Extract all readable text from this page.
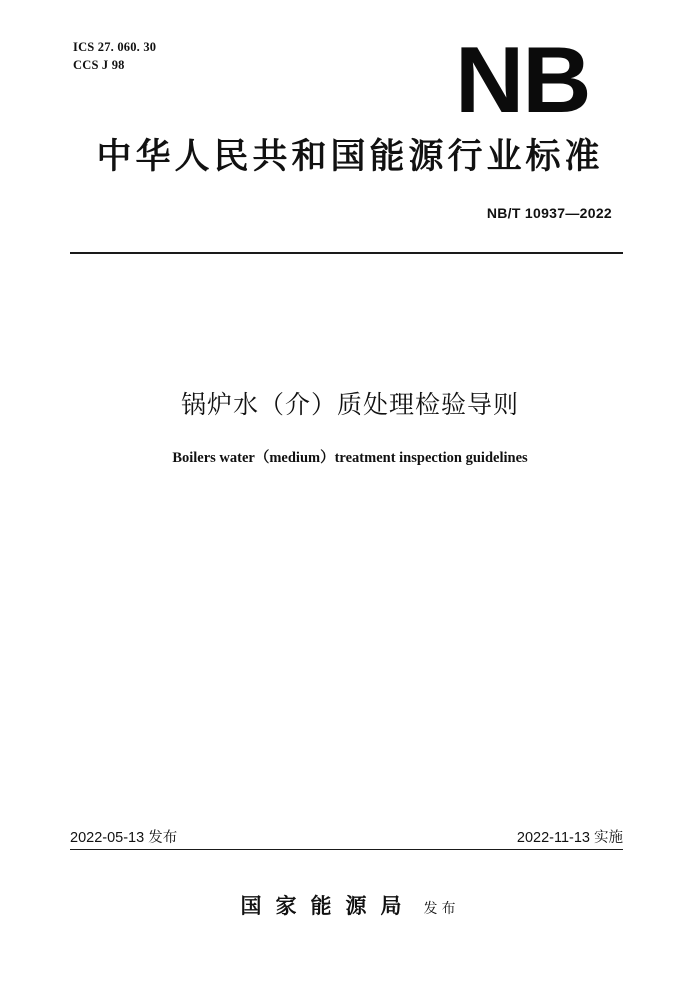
ICS 27. 060. 30
CCS J 98	NB
中华人民共和国能源行业标准
NB/T 10937—2022
锅炉水（介）质处理检验导则
Boilers water（medium）treatment inspection guidelines
2022-05-13 发布	2022-11-13 实施
国家能源局 发布
